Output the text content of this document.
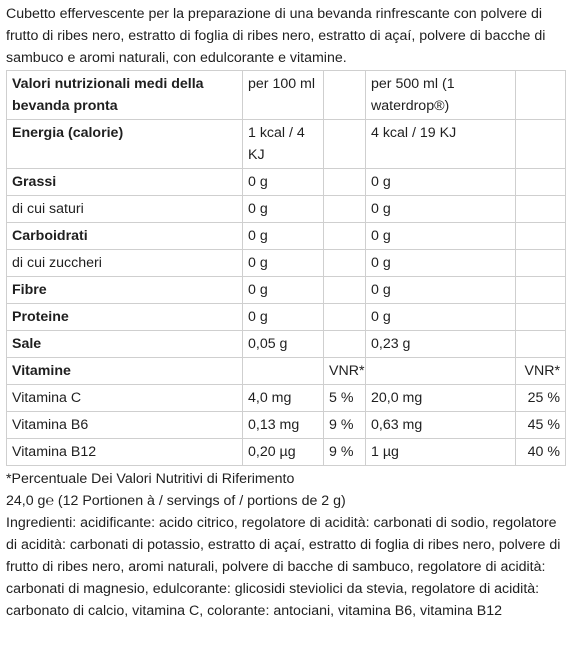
Cubetto effervescente per la preparazione di una bevanda rinfrescante con polvere di frutto di ribes nero, estratto di foglia di ribes nero, estratto di açaí, polvere di bacche di sambuco e aromi naturali, con edulcorante e vitamine.

Valori nutrizionali medi della bevanda pronta	per 100 ml		per 500 ml (1 waterdrop®)	
Energia (calorie)	1 kcal / 4 KJ		4 kcal / 19 KJ	
Grassi	0 g		0 g	
di cui saturi	0 g		0 g	
Carboidrati	0 g		0 g	
di cui zuccheri	0 g		0 g	
Fibre	0 g		0 g	
Proteine	0 g		0 g	
Sale	0,05 g		0,23 g	
Vitamine		VNR*		VNR*
Vitamina C	4,0 mg	5 %	20,0 mg	25 %
Vitamina B6	0,13 mg	9 %	0,63 mg	45 %
Vitamina B12	0,20 µg	9 %	1 µg	40 %

*Percentuale Dei Valori Nutritivi di Riferimento

24,0 g℮ (12 Portionen à / servings of / portions de 2 g)

Ingredienti: acidificante: acido citrico, regolatore di acidità: carbonati di sodio, regolatore di acidità: carbonati di potassio, estratto di açaí, estratto di foglia di ribes nero, polvere di frutto di ribes nero, aromi naturali, polvere di bacche di sambuco, regolatore di acidità: carbonati di magnesio, edulcorante: glicosidi steviolici da stevia, regolatore di acidità: carbonato di calcio, vitamina C, colorante: antociani, vitamina B6, vitamina B12
